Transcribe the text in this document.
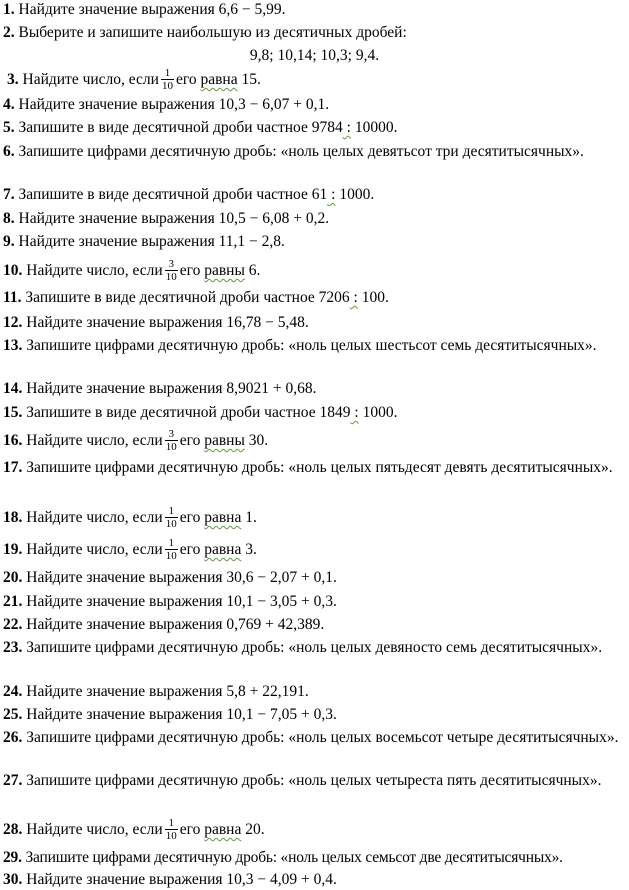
1. Найдите значение выражения 6,6 − 5,99.
2. Выберите и запишите наибольшую из десятичных дробей:
9,8; 10,14; 10,3; 9,4.
3. Найдите число, если $\frac{1}{10}$ его равна 15.
4. Найдите значение выражения 10,3 − 6,07 + 0,1.
5. Запишите в виде десятичной дроби частное 9784 : 10000.
6. Запишите цифрами десятичную дробь: «ноль целых девятьсот три десятитысячных».
7. Запишите в виде десятичной дроби частное 61 : 1000.
8. Найдите значение выражения 10,5 − 6,08 + 0,2.
9. Найдите значение выражения 11,1 − 2,8.
10. Найдите число, если $\frac{3}{10}$ его равны 6.
11. Запишите в виде десятичной дроби частное 7206 : 100.
12. Найдите значение выражения 16,78 − 5,48.
13. Запишите цифрами десятичную дробь: «ноль целых шестьсот семь десятитысячных».
14. Найдите значение выражения 8,9021 + 0,68.
15. Запишите в виде десятичной дроби частное 1849 : 1000.
16. Найдите число, если $\frac{3}{10}$ его равны 30.
17. Запишите цифрами десятичную дробь: «ноль целых пятьдесят девять десятитысячных».
18. Найдите число, если $\frac{1}{10}$ его равна 1.
19. Найдите число, если $\frac{1}{10}$ его равна 3.
20. Найдите значение выражения 30,6 − 2,07 + 0,1.
21. Найдите значение выражения 10,1 − 3,05 + 0,3.
22. Найдите значение выражения 0,769 + 42,389.
23. Запишите цифрами десятичную дробь: «ноль целых девяносто семь десятитысячных».
24. Найдите значение выражения 5,8 + 22,191.
25. Найдите значение выражения 10,1 − 7,05 + 0,3.
26. Запишите цифрами десятичную дробь: «ноль целых восемьсот четыре десятитысячных».
27. Запишите цифрами десятичную дробь: «ноль целых четыреста пять десятитысячных».
28. Найдите число, если $\frac{1}{10}$ его равна 20.
29. Запишите цифрами десятичную дробь: «ноль целых семьсот две десятитысячных».
30. Найдите значение выражения 10,3 − 4,09 + 0,4.
